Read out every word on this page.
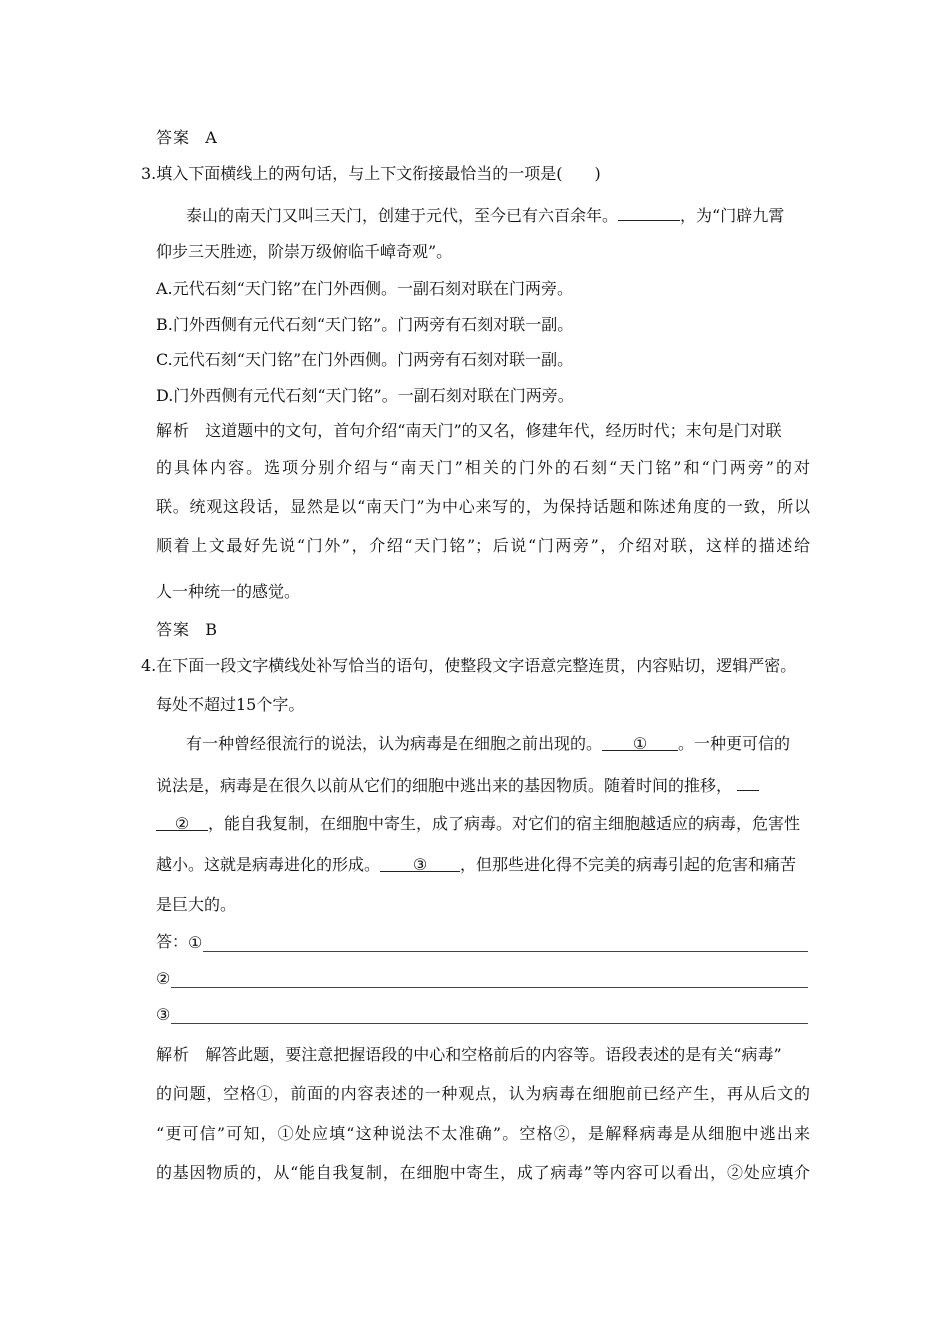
答案 A
3.填入下面横线上的两句话，与上下文衔接最恰当的一项是(　　)
泰山的南天门又叫三天门，创建于元代，至今已有六百余年。	，为“门辟九霄
仰步三天胜迹，阶崇万级俯临千嶂奇观”。
A.元代石刻“天门铭”在门外西侧。一副石刻对联在门两旁。
B.门外西侧有元代石刻“天门铭”。门两旁有石刻对联一副。
C.元代石刻“天门铭”在门外西侧。门两旁有石刻对联一副。
D.门外西侧有元代石刻“天门铭”。一副石刻对联在门两旁。
解析 这道题中的文句，首句介绍“南天门”的又名，修建年代，经历时代；末句是门对联
的具体内容。选项分别介绍与“南天门”相关的门外的石刻“天门铭”和“门两旁”的对
联。统观这段话，显然是以“南天门”为中心来写的，为保持话题和陈述角度的一致，所以
顺着上文最好先说“门外”，介绍“天门铭”；后说“门两旁”，介绍对联，这样的描述给
人一种统一的感觉。
答案 B
4.在下面一段文字横线处补写恰当的语句，使整段文字语意完整连贯，内容贴切，逻辑严密。
每处不超过15个字。
有一种曾经很流行的说法，认为病毒是在细胞之前出现的。 ① 。一种更可信的
说法是，病毒是在很久以前从它们的细胞中逃出来的基因物质。随着时间的推移，
② ，能自我复制，在细胞中寄生，成了病毒。对它们的宿主细胞越适应的病毒，危害性
越小。这就是病毒进化的形成。 ③ ，但那些进化得不完美的病毒引起的危害和痛苦
是巨大的。
答： ①
②
③
解析 解答此题，要注意把握语段的中心和空格前后的内容等。语段表述的是有关“病毒”
的问题，空格①，前面的内容表述的一种观点，认为病毒在细胞前已经产生，再从后文的
“更可信”可知，①处应填“这种说法不太准确”。空格②，是解释病毒是从细胞中逃出来
的基因物质的，从“能自我复制，在细胞中寄生，成了病毒”等内容可以看出，②处应填介
